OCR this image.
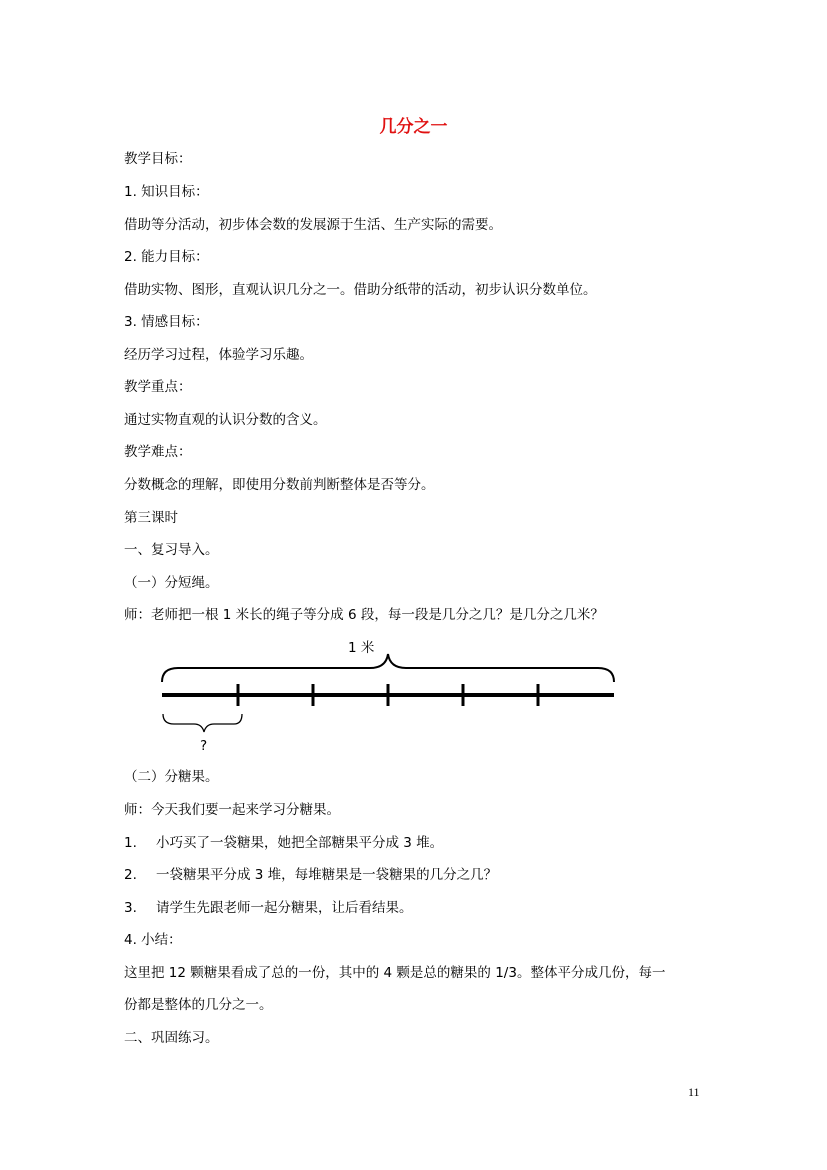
几分之一
教学目标：
1. 知识目标：
借助等分活动，初步体会数的发展源于生活、生产实际的需要。
2. 能力目标：
借助实物、图形，直观认识几分之一。借助分纸带的活动，初步认识分数单位。
3. 情感目标：
经历学习过程，体验学习乐趣。
教学重点：
通过实物直观的认识分数的含义。
教学难点：
分数概念的理解，即使用分数前判断整体是否等分。
第三课时
一、复习导入。
（一）分短绳。
师：老师把一根 1 米长的绳子等分成 6 段，每一段是几分之几？是几分之几米？
1 米
?
（二）分糖果。
师：今天我们要一起来学习分糖果。
1. 小巧买了一袋糖果，她把全部糖果平分成 3 堆。
2. 一袋糖果平分成 3 堆，每堆糖果是一袋糖果的几分之几？
3. 请学生先跟老师一起分糖果，让后看结果。
4. 小结：
这里把 12 颗糖果看成了总的一份，其中的 4 颗是总的糖果的 1/3。整体平分成几份，每一
份都是整体的几分之一。
二、巩固练习。
11
